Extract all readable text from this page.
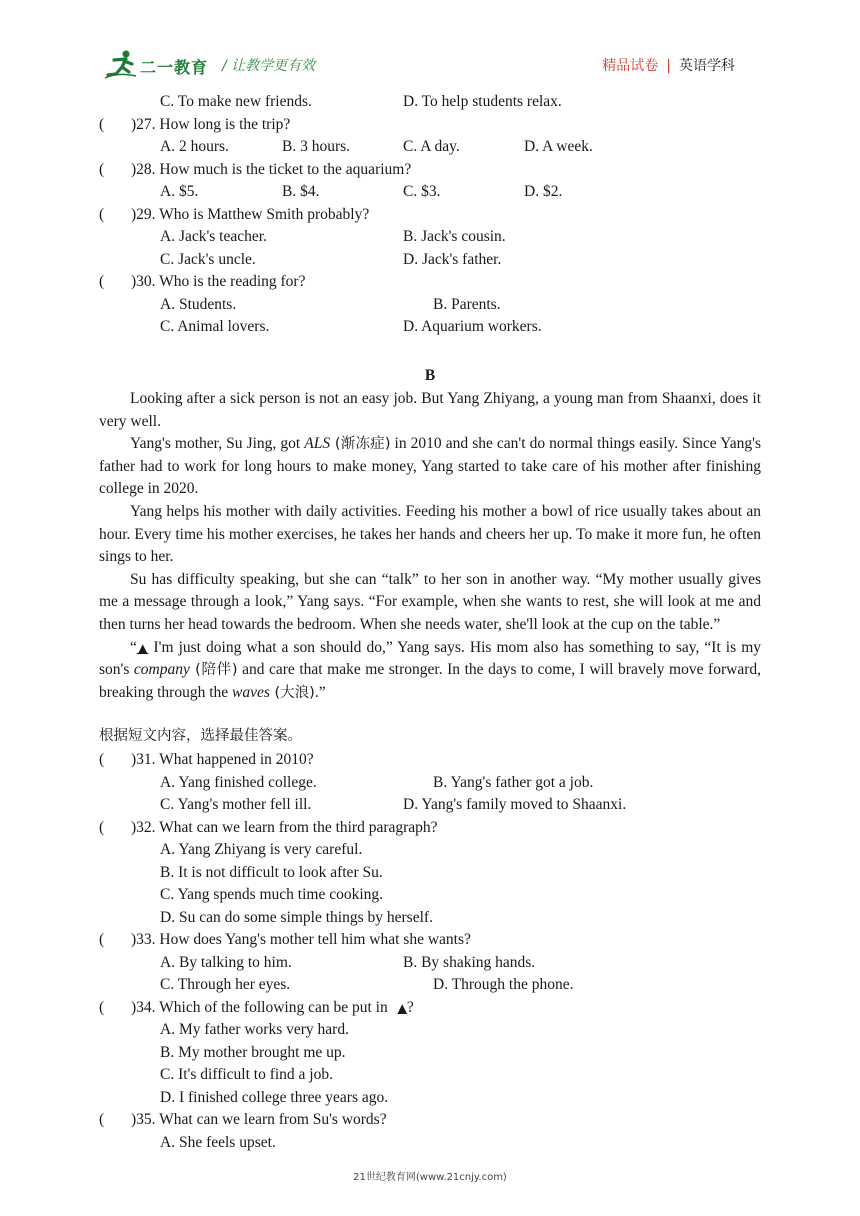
二一教育 / 让教学更有效	精品试卷 | 英语学科
C. To make new friends.	D. To help students relax.
( )27. How long is the trip?
A. 2 hours.	B. 3 hours.	C. A day.	D. A week.
( )28. How much is the ticket to the aquarium?
A. $5.	B. $4.	C. $3.	D. $2.
( )29. Who is Matthew Smith probably?
A. Jack's teacher.	B. Jack's cousin.
C. Jack's uncle.	D. Jack's father.
( )30. Who is the reading for?
A. Students.	B. Parents.
C. Animal lovers.	D. Aquarium workers.
B

Looking after a sick person is not an easy job. But Yang Zhiyang, a young man from Shaanxi, does it very well.

Yang's mother, Su Jing, got ALS (渐冻症) in 2010 and she can't do normal things easily. Since Yang's father had to work for long hours to make money, Yang started to take care of his mother after finishing college in 2020.

Yang helps his mother with daily activities. Feeding his mother a bowl of rice usually takes about an hour. Every time his mother exercises, he takes her hands and cheers her up. To make it more fun, he often sings to her.

Su has difficulty speaking, but she can “talk” to her son in another way. “My mother usually gives me a message through a look,” Yang says. “For example, when she wants to rest, she will look at me and then turns her head towards the bedroom. When she needs water, she'll look at the cup on the table.”

“▲ I'm just doing what a son should do,” Yang says. His mom also has something to say, “It is my son's company (陪伴) and care that make me stronger. In the days to come, I will bravely move forward, breaking through the waves (大浪).”

根据短文内容，选择最佳答案。
( )31. What happened in 2010?
A. Yang finished college.	B. Yang's father got a job.
C. Yang's mother fell ill.	D. Yang's family moved to Shaanxi.
( )32. What can we learn from the third paragraph?
A. Yang Zhiyang is very careful.
B. It is not difficult to look after Su.
C. Yang spends much time cooking.
D. Su can do some simple things by herself.
( )33. How does Yang's mother tell him what she wants?
A. By talking to him.	B. By shaking hands.
C. Through her eyes.	D. Through the phone.
( )34. Which of the following can be put in ▲?
A. My father works very hard.
B. My mother brought me up.
C. It's difficult to find a job.
D. I finished college three years ago.
( )35. What can we learn from Su's words?
A. She feels upset.
21世纪教育网(www.21cnjy.com)
